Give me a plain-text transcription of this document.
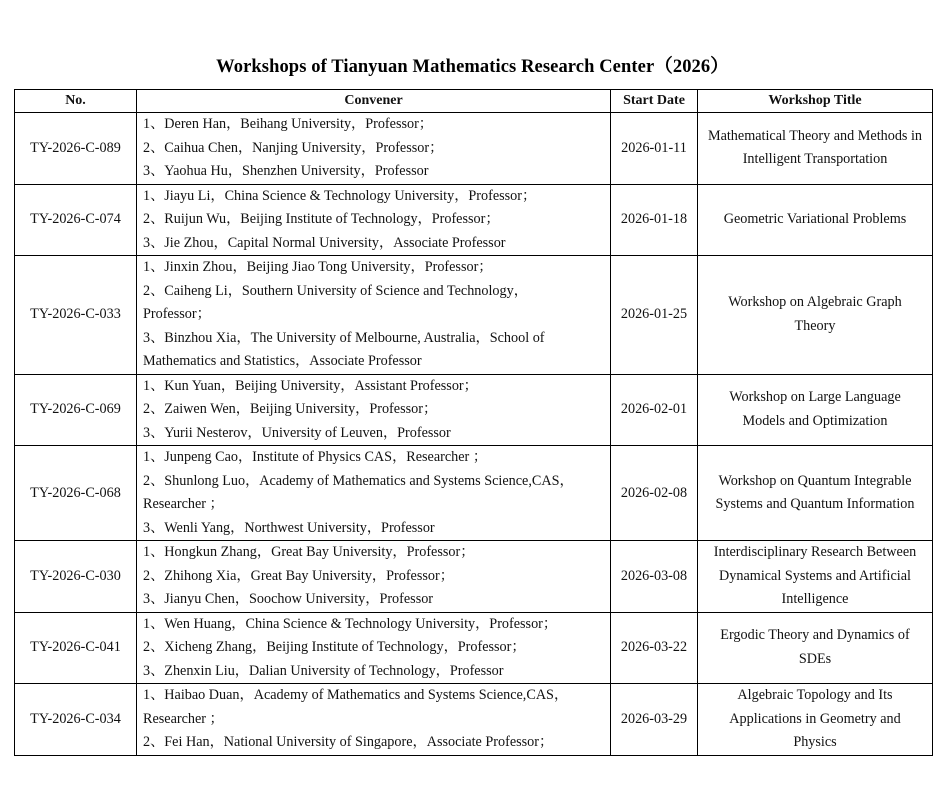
Workshops of Tianyuan Mathematics Research Center（2026）
No.	Convener	Start Date	Workshop Title
TY-2026-C-089	1、Deren Han，Beihang University，Professor；
2、Caihua Chen，Nanjing University，Professor；
3、Yaohua Hu，Shenzhen University，Professor	2026-01-11	Mathematical Theory and Methods in
Intelligent Transportation

TY-2026-C-074	1、Jiayu Li，China Science & Technology University，Professor；
2、Ruijun Wu，Beijing Institute of Technology，Professor；
3、Jie Zhou，Capital Normal University，Associate Professor	2026-01-18	Geometric Variational Problems

TY-2026-C-033	1、Jinxin Zhou，Beijing Jiao Tong University，Professor；
2、Caiheng Li，Southern University of Science and Technology，
Professor；
3、Binzhou Xia，The University of Melbourne, Australia，School of
Mathematics and Statistics，Associate Professor	2026-01-25	Workshop on Algebraic Graph
Theory

TY-2026-C-069	1、Kun Yuan，Beijing University，Assistant Professor；
2、Zaiwen Wen，Beijing University，Professor；
3、Yurii Nesterov，University of Leuven，Professor	2026-02-01	Workshop on Large Language
Models and Optimization

TY-2026-C-068	1、Junpeng Cao，Institute of Physics CAS，Researcher ；
2、Shunlong Luo，Academy of Mathematics and Systems Science,CAS，
Researcher ；
3、Wenli Yang，Northwest University，Professor	2026-02-08	Workshop on Quantum Integrable
Systems and Quantum Information

TY-2026-C-030	1、Hongkun Zhang，Great Bay University，Professor；
2、Zhihong Xia，Great Bay University，Professor；
3、Jianyu Chen，Soochow University，Professor	2026-03-08	Interdisciplinary Research Between
Dynamical Systems and Artificial
Intelligence

TY-2026-C-041	1、Wen Huang，China Science & Technology University，Professor；
2、Xicheng Zhang，Beijing Institute of Technology，Professor；
3、Zhenxin Liu，Dalian University of Technology，Professor	2026-03-22	Ergodic Theory and Dynamics of
SDEs

TY-2026-C-034	1、Haibao Duan，Academy of Mathematics and Systems Science,CAS，
Researcher ；
2、Fei Han，National University of Singapore，Associate Professor；	2026-03-29	Algebraic Topology and Its
Applications in Geometry and
Physics
